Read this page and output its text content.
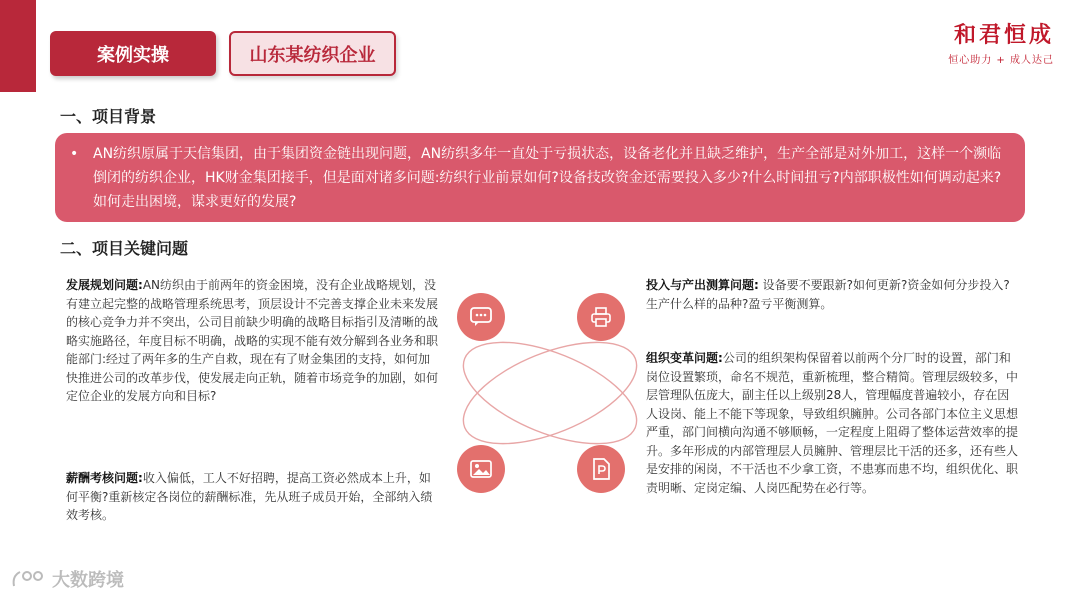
案例实操	山东某纺织企业
和君恒成
恒心助力 + 成人达己
一、项目背景
• AN纺织原属于天信集团，由于集团资金链出现问题，AN纺织多年一直处于亏损状态，设备老化并且缺乏维护，生产全部是对外加工，这样一个濒临倒闭的纺织企业，HK财金集团接手，但是面对诸多问题:纺织行业前景如何?设备技改资金还需要投入多少?什么时间扭亏?内部职极性如何调动起来?如何走出困境，谋求更好的发展?
二、项目关键问题
发展规划问题:AN纺织由于前两年的资金困境，没有企业战略规划，没有建立起完整的战略管理系统思考，顶层设计不完善支撑企业未来发展的核心竞争力并不突出，公司目前缺少明确的战略目标指引及清晰的战略实施路径，年度目标不明确，战略的实现不能有效分解到各业务和职能部门:经过了两年多的生产自救，现在有了财金集团的支持，如何加快推进公司的改革步伐，使发展走向正轨，随着市场竞争的加剧，如何定位企业的发展方向和目标?
薪酬考核问题:收入偏低，工人不好招聘，提高工资必然成本上升，如何平衡?重新核定各岗位的薪酬标准，先从班子成员开始，全部纳入绩效考核。
投入与产出测算问题: 设备要不要跟新?如何更新?资金如何分步投入?生产什么样的品种?盈亏平衡测算。
组织变革问题:公司的组织架构保留着以前两个分厂时的设置，部门和岗位设置繁琐，命名不规范，重新梳理，整合精简。管理层级较多，中层管理队伍庞大，副主任以上级别28人，管理幅度普遍较小，存在因人设岗、能上不能下等现象，导致组织臃肿。公司各部门本位主义思想严重，部门间横向沟通不够顺畅，一定程度上阻碍了整体运营效率的提升。多年形成的内部管理层人员臃肿、管理层比干活的还多，还有些人是安排的闲岗，不干活也不少拿工资，不患寡而患不均，组织优化、职责明晰、定岗定编、人岗匹配势在必行等。
大数跨境
